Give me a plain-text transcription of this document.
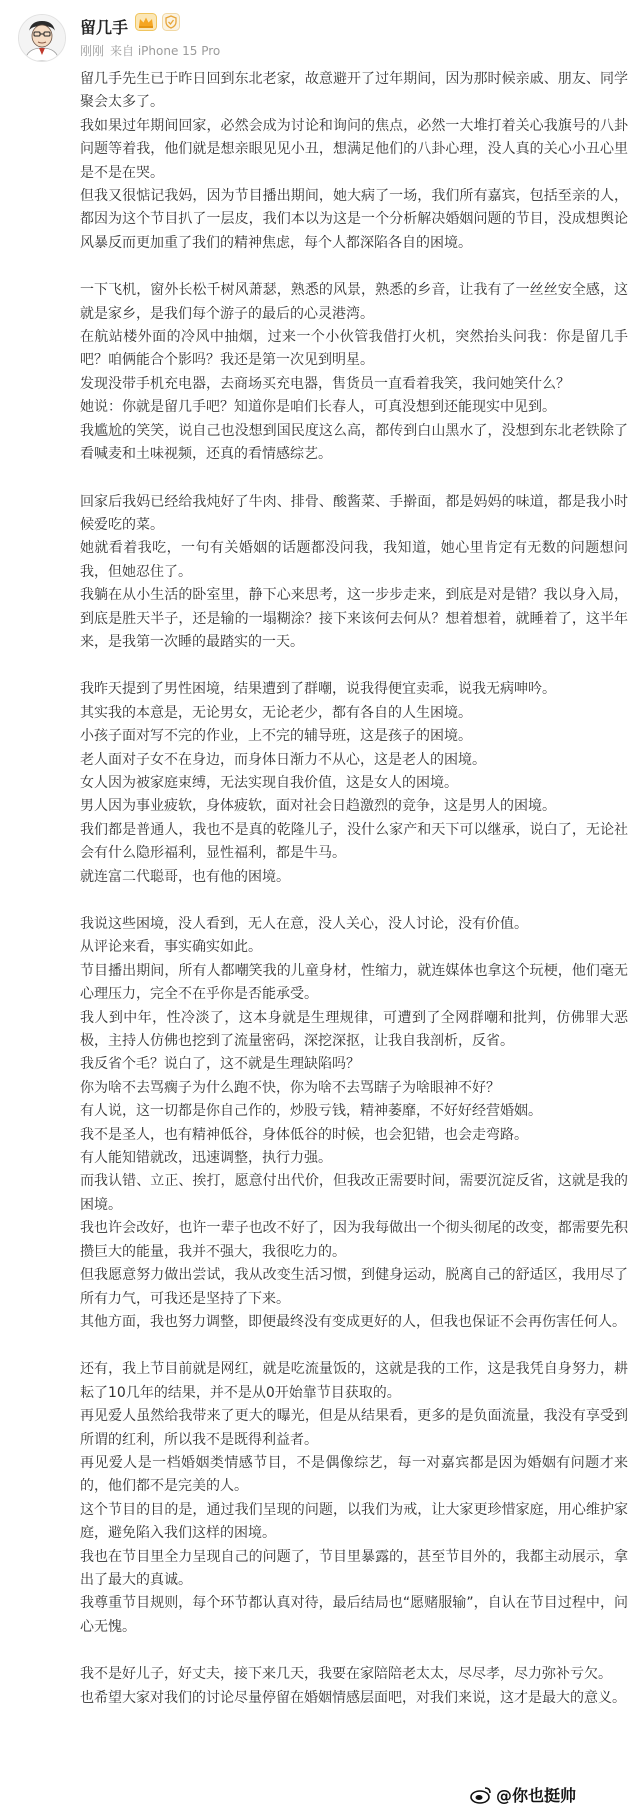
留几手
刚刚 来自 iPhone 15 Pro

留几手先生已于昨日回到东北老家，故意避开了过年期间，因为那时候亲戚、朋友、同学聚会太多了。

我如果过年期间回家，必然会成为讨论和询问的焦点，必然一大堆打着关心我旗号的八卦问题等着我，他们就是想亲眼见见小丑，想满足他们的八卦心理，没人真的关心小丑心里是不是在哭。

但我又很惦记我妈，因为节目播出期间，她大病了一场，我们所有嘉宾，包括至亲的人，都因为这个节目扒了一层皮，我们本以为这是一个分析解决婚姻问题的节目，没成想舆论风暴反而更加重了我们的精神焦虑，每个人都深陷各自的困境。

一下飞机，窗外长松千树风萧瑟，熟悉的风景，熟悉的乡音，让我有了一丝丝安全感，这就是家乡，是我们每个游子的最后的心灵港湾。

在航站楼外面的冷风中抽烟，过来一个小伙管我借打火机，突然抬头问我：你是留几手吧？咱俩能合个影吗？我还是第一次见到明星。

发现没带手机充电器，去商场买充电器，售货员一直看着我笑，我问她笑什么？

她说：你就是留几手吧？知道你是咱们长春人，可真没想到还能现实中见到。

我尴尬的笑笑，说自己也没想到国民度这么高，都传到白山黑水了，没想到东北老铁除了看喊麦和土味视频，还真的看情感综艺。

回家后我妈已经给我炖好了牛肉、排骨、酸酱菜、手擀面，都是妈妈的味道，都是我小时候爱吃的菜。

她就看着我吃，一句有关婚姻的话题都没问我，我知道，她心里肯定有无数的问题想问我，但她忍住了。

我躺在从小生活的卧室里，静下心来思考，这一步步走来，到底是对是错？我以身入局，到底是胜天半子，还是输的一塌糊涂？接下来该何去何从？想着想着，就睡着了，这半年来，是我第一次睡的最踏实的一天。

我昨天提到了男性困境，结果遭到了群嘲，说我得便宜卖乖，说我无病呻吟。

其实我的本意是，无论男女，无论老少，都有各自的人生困境。

小孩子面对写不完的作业，上不完的辅导班，这是孩子的困境。

老人面对子女不在身边，而身体日渐力不从心，这是老人的困境。

女人因为被家庭束缚，无法实现自我价值，这是女人的困境。

男人因为事业疲软，身体疲软，面对社会日趋激烈的竞争，这是男人的困境。

我们都是普通人，我也不是真的乾隆儿子，没什么家产和天下可以继承，说白了，无论社会有什么隐形福利，显性福利，都是牛马。

就连富二代聪哥，也有他的困境。

我说这些困境，没人看到，无人在意，没人关心，没人讨论，没有价值。

从评论来看，事实确实如此。

节目播出期间，所有人都嘲笑我的儿童身材，性缩力，就连媒体也拿这个玩梗，他们毫无心理压力，完全不在乎你是否能承受。

我人到中年，性冷淡了，这本身就是生理规律，可遭到了全网群嘲和批判，仿佛罪大恶极，主持人仿佛也挖到了流量密码，深挖深抠，让我自我剖析，反省。

我反省个毛？说白了，这不就是生理缺陷吗？

你为啥不去骂瘸子为什么跑不快，你为啥不去骂瞎子为啥眼神不好？

有人说，这一切都是你自己作的，炒股亏钱，精神萎靡，不好好经营婚姻。

我不是圣人，也有精神低谷，身体低谷的时候，也会犯错，也会走弯路。

有人能知错就改，迅速调整，执行力强。

而我认错、立正、挨打，愿意付出代价，但我改正需要时间，需要沉淀反省，这就是我的困境。

我也许会改好，也许一辈子也改不好了，因为我每做出一个彻头彻尾的改变，都需要先积攒巨大的能量，我并不强大，我很吃力的。

但我愿意努力做出尝试，我从改变生活习惯，到健身运动，脱离自己的舒适区，我用尽了所有力气，可我还是坚持了下来。

其他方面，我也努力调整，即便最终没有变成更好的人，但我也保证不会再伤害任何人。

还有，我上节目前就是网红，就是吃流量饭的，这就是我的工作，这是我凭自身努力，耕耘了10几年的结果，并不是从0开始靠节目获取的。

再见爱人虽然给我带来了更大的曝光，但是从结果看，更多的是负面流量，我没有享受到所谓的红利，所以我不是既得利益者。

再见爱人是一档婚姻类情感节目，不是偶像综艺，每一对嘉宾都是因为婚姻有问题才来的，他们都不是完美的人。

这个节目的目的是，通过我们呈现的问题，以我们为戒，让大家更珍惜家庭，用心维护家庭，避免陷入我们这样的困境。

我也在节目里全力呈现自己的问题了，节目里暴露的，甚至节目外的，我都主动展示，拿出了最大的真诚。

我尊重节目规则，每个环节都认真对待，最后结局也“愿赌服输”，自认在节目过程中，问心无愧。

我不是好儿子，好丈夫，接下来几天，我要在家陪陪老太太，尽尽孝，尽力弥补亏欠。

也希望大家对我们的讨论尽量停留在婚姻情感层面吧，对我们来说，这才是最大的意义。

@你也挺帅
